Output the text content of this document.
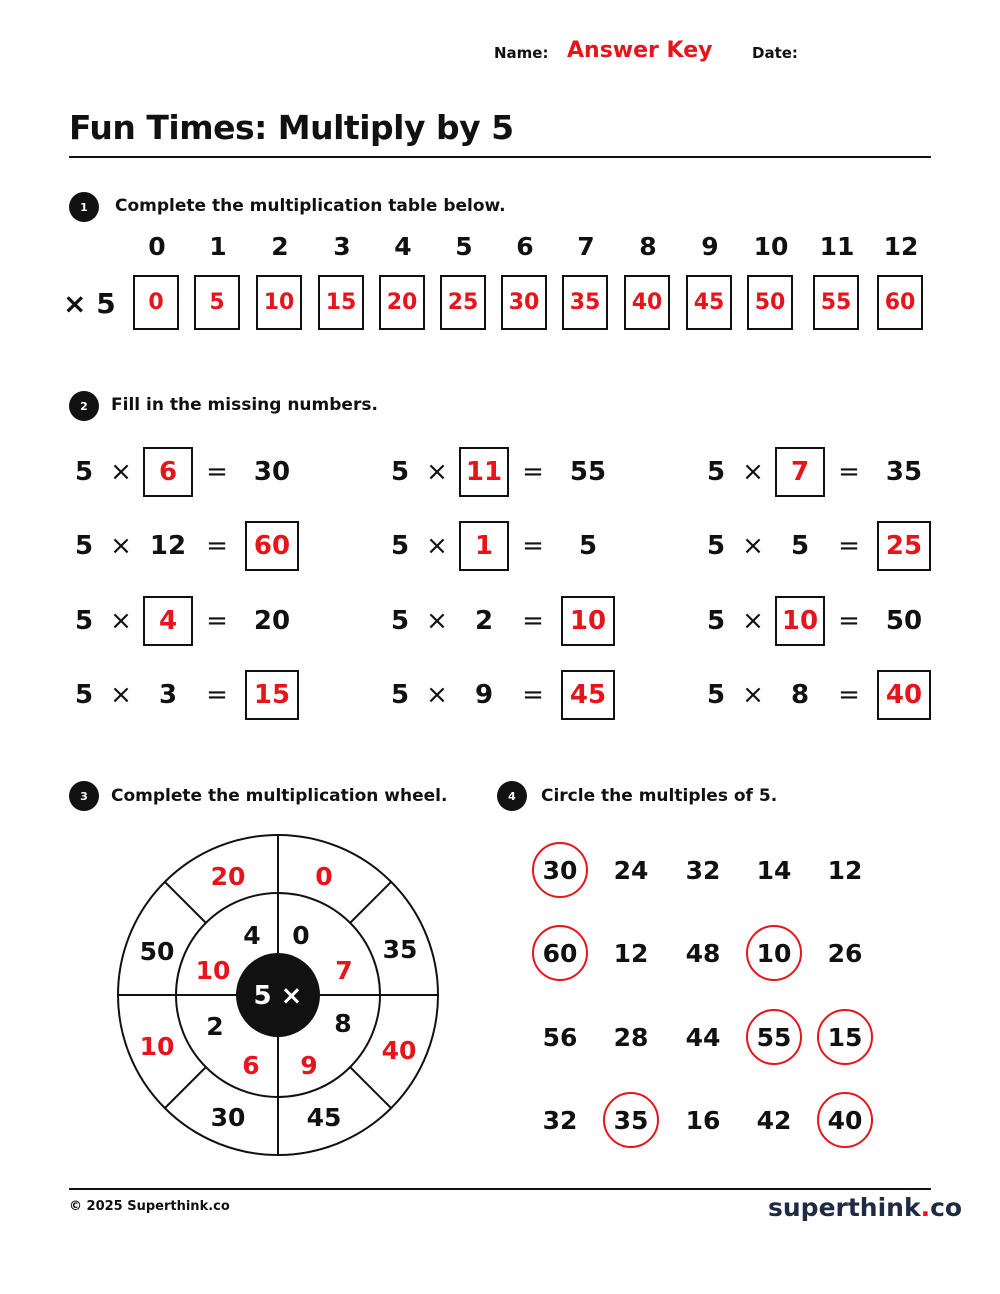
Name: Answer Key	Date:
Fun Times: Multiply by 5
1	Complete the multiplication table below.
× 5
0	1	2	3	4	5	6	7	8	9	10	11	12
0	5	10	15	20	25	30	35	40	45	50	55	60
2	Fill in the missing numbers.
5 ×	6	=	30	5 × 11 =	55	5 ×	7	=	35
5 × 12 =	60	5 ×	1	=	5	5 ×	5	=	25
5 ×	4	=	20	5 ×	2	=	10	5 × 10 =	50
5 ×	3	=	15	5 ×	9	=	45	5 ×	8	=	40
3	Complete the multiplication wheel.
5 ×
4 0
7
8
9
6
2
10
20	0
35
40
45
30
10
50
4	Circle the multiples of 5.
30	24	32	14	12
60	12	48	10	26
56	28	44	55	15
32	35	16	42	40
© 2025 Superthink.co	superthink.co
